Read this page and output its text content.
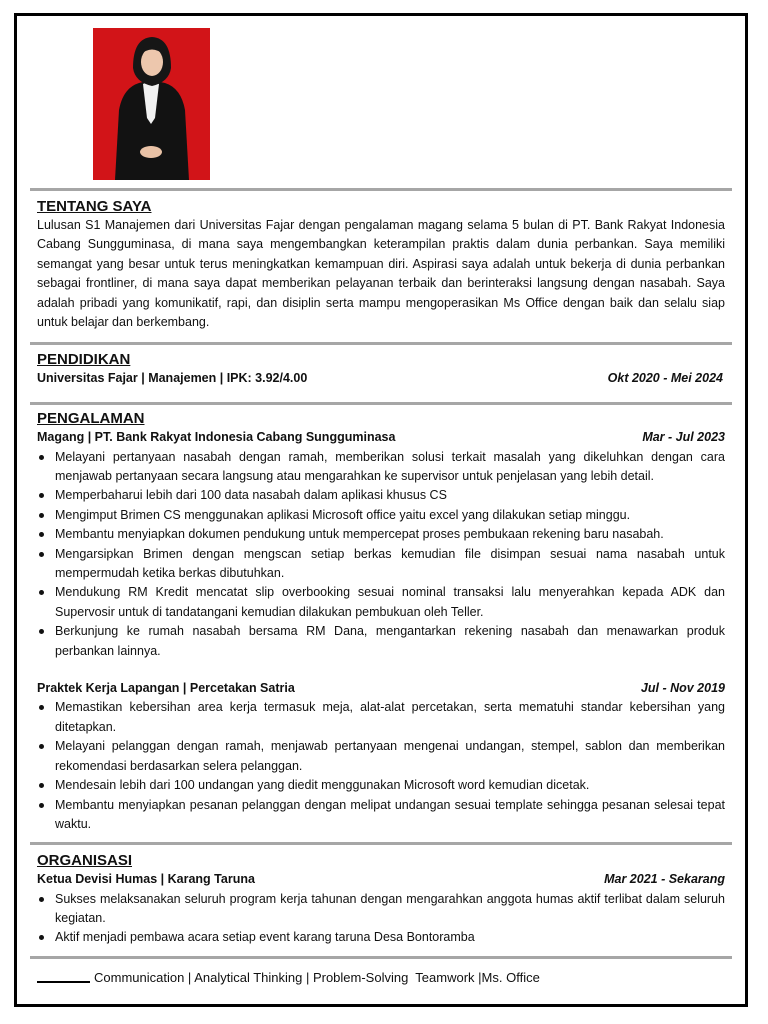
TENTANG SAYA

Lulusan S1 Manajemen dari Universitas Fajar dengan pengalaman magang selama 5 bulan di PT. Bank Rakyat Indonesia Cabang Sungguminasa, di mana saya mengembangkan keterampilan praktis dalam dunia perbankan. Saya memiliki semangat yang besar untuk terus meningkatkan kemampuan diri. Aspirasi saya adalah untuk bekerja di dunia perbankan sebagai frontliner, di mana saya dapat memberikan pelayanan terbaik dan berinteraksi langsung dengan nasabah. Saya adalah pribadi yang komunikatif, rapi, dan disiplin serta mampu mengoperasikan Ms Office dengan baik dan selalu siap untuk belajar dan berkembang.

PENDIDIKAN
Universitas Fajar | Manajemen | IPK: 3.92/4.00	Okt 2020 - Mei 2024
PENGALAMAN
Magang | PT. Bank Rakyat Indonesia Cabang Sungguminasa	Mar - Jul 2023
Melayani pertanyaan nasabah dengan ramah, memberikan solusi terkait masalah yang dikeluhkan dengan cara menjawab pertanyaan secara langsung atau mengarahkan ke supervisor untuk penjelasan yang lebih detail.
Memperbaharui lebih dari 100 data nasabah dalam aplikasi khusus CS
Mengimput Brimen CS menggunakan aplikasi Microsoft office yaitu excel yang dilakukan setiap minggu.
Membantu menyiapkan dokumen pendukung untuk mempercepat proses pembukaan rekening baru nasabah.
Mengarsipkan Brimen dengan mengscan setiap berkas kemudian file disimpan sesuai nama nasabah untuk mempermudah ketika berkas dibutuhkan.
Mendukung RM Kredit mencatat slip overbooking sesuai nominal transaksi lalu menyerahkan kepada ADK dan Supervosir untuk di tandatangani kemudian dilakukan pembukuan oleh Teller.
Berkunjung ke rumah nasabah bersama RM Dana, mengantarkan rekening nasabah dan menawarkan produk perbankan lainnya.
Praktek Kerja Lapangan | Percetakan Satria	Jul - Nov 2019
Memastikan kebersihan area kerja termasuk meja, alat-alat percetakan, serta mematuhi standar kebersihan yang ditetapkan.
Melayani pelanggan dengan ramah, menjawab pertanyaan mengenai undangan, stempel, sablon dan memberikan rekomendasi berdasarkan selera pelanggan.
Mendesain lebih dari 100 undangan yang diedit menggunakan Microsoft word kemudian dicetak.
Membantu menyiapkan pesanan pelanggan dengan melipat undangan sesuai template sehingga pesanan selesai tepat waktu.
ORGANISASI
Ketua Devisi Humas | Karang Taruna	Mar 2021 - Sekarang
Sukses melaksanakan seluruh program kerja tahunan dengan mengarahkan anggota humas aktif terlibat dalam seluruh kegiatan.
Aktif menjadi pembawa acara setiap event karang taruna Desa Bontoramba
Communication | Analytical Thinking | Problem-Solving  Teamwork |Ms. Office
